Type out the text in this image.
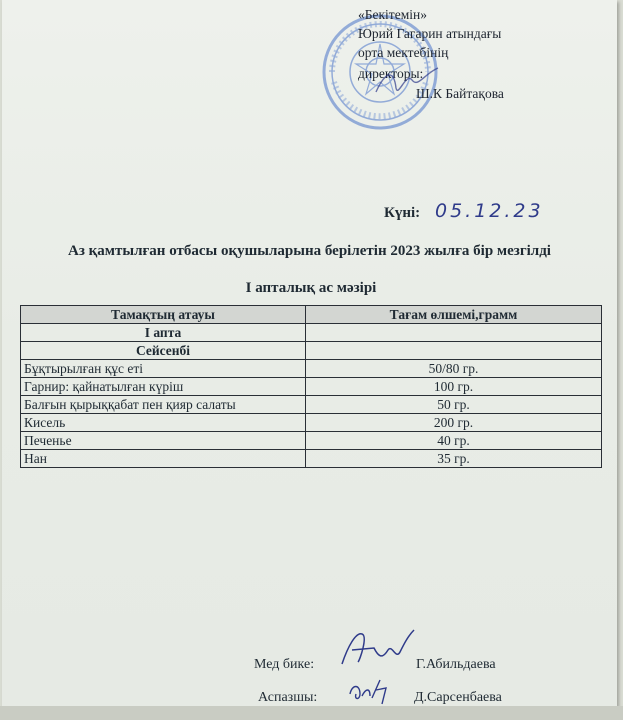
«Бекітемін»
Юрий Гагарин атындағы
орта мектебінің
директоры:
Ш.К Байтақова
Күні: 05.12.23
Аз қамтылған отбасы оқушыларына берілетін 2023 жылға бір мезгілді
I апталық ас мәзірі
Тамақтың атауы	Тағам өлшемі,грамм
I апта	
Сейсенбі	
Бұқтырылған құс еті	50/80 гр.
Гарнир: қайнатылған күріш	100 гр.
Балғын қырыққабат пен қияр салаты	50 гр.
Кисель	200 гр.
Печенье	40 гр.
Нан	35 гр.
Мед бике:	Г.Абильдаева
Аспазшы:	Д.Сарсенбаева
